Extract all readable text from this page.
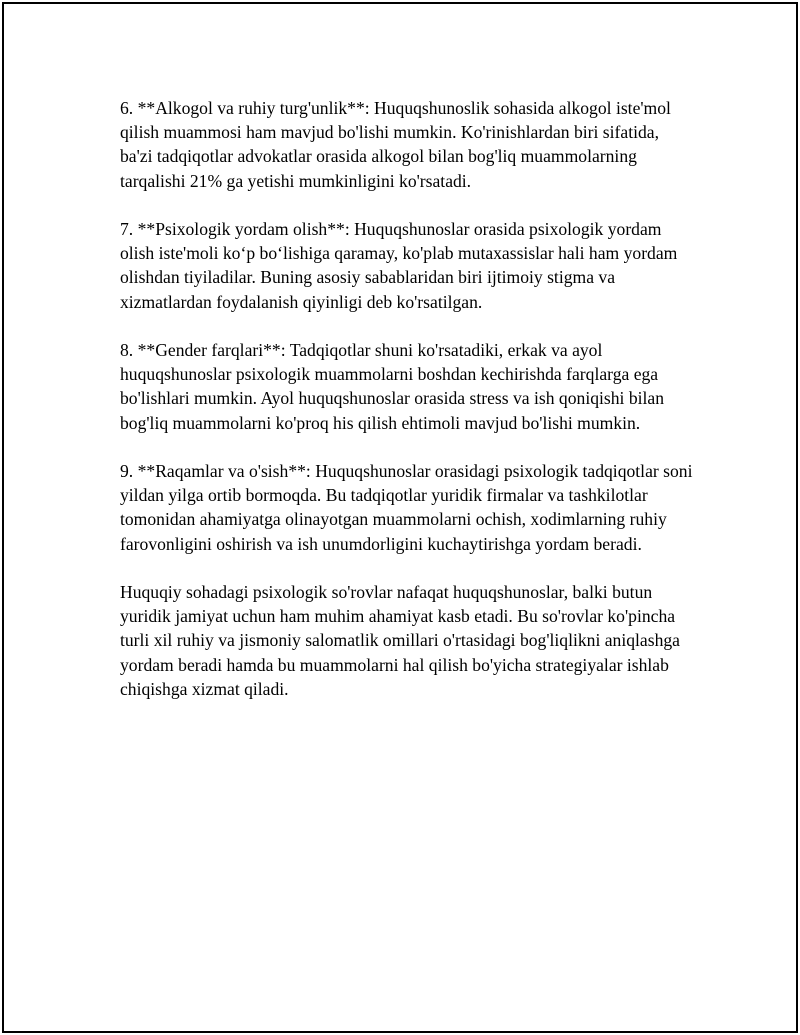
6. **Alkogol va ruhiy turg'unlik**: Huquqshunoslik sohasida alkogol iste'mol qilish muammosi ham mavjud bo'lishi mumkin. Ko'rinishlardan biri sifatida, ba'zi tadqiqotlar advokatlar orasida alkogol bilan bog'liq muammolarning tarqalishi 21% ga yetishi mumkinligini ko'rsatadi.

7. **Psixologik yordam olish**: Huquqshunoslar orasida psixologik yordam olish iste'moli ko‘p bo‘lishiga qaramay, ko'plab mutaxassislar hali ham yordam olishdan tiyiladilar. Buning asosiy sabablaridan biri ijtimoiy stigma va xizmatlardan foydalanish qiyinligi deb ko'rsatilgan.

8. **Gender farqlari**: Tadqiqotlar shuni ko'rsatadiki, erkak va ayol huquqshunoslar psixologik muammolarni boshdan kechirishda farqlarga ega bo'lishlari mumkin. Ayol huquqshunoslar orasida stress va ish qoniqishi bilan bog'liq muammolarni ko'proq his qilish ehtimoli mavjud bo'lishi mumkin.

9. **Raqamlar va o'sish**: Huquqshunoslar orasidagi psixologik tadqiqotlar soni yildan yilga ortib bormoqda. Bu tadqiqotlar yuridik firmalar va tashkilotlar tomonidan ahamiyatga olinayotgan muammolarni ochish, xodimlarning ruhiy farovonligini oshirish va ish unumdorligini kuchaytirishga yordam beradi.

Huquqiy sohadagi psixologik so'rovlar nafaqat huquqshunoslar, balki butun yuridik jamiyat uchun ham muhim ahamiyat kasb etadi. Bu so'rovlar ko'pincha turli xil ruhiy va jismoniy salomatlik omillari o'rtasidagi bog'liqlikni aniqlashga yordam beradi hamda bu muammolarni hal qilish bo'yicha strategiyalar ishlab chiqishga xizmat qiladi.
